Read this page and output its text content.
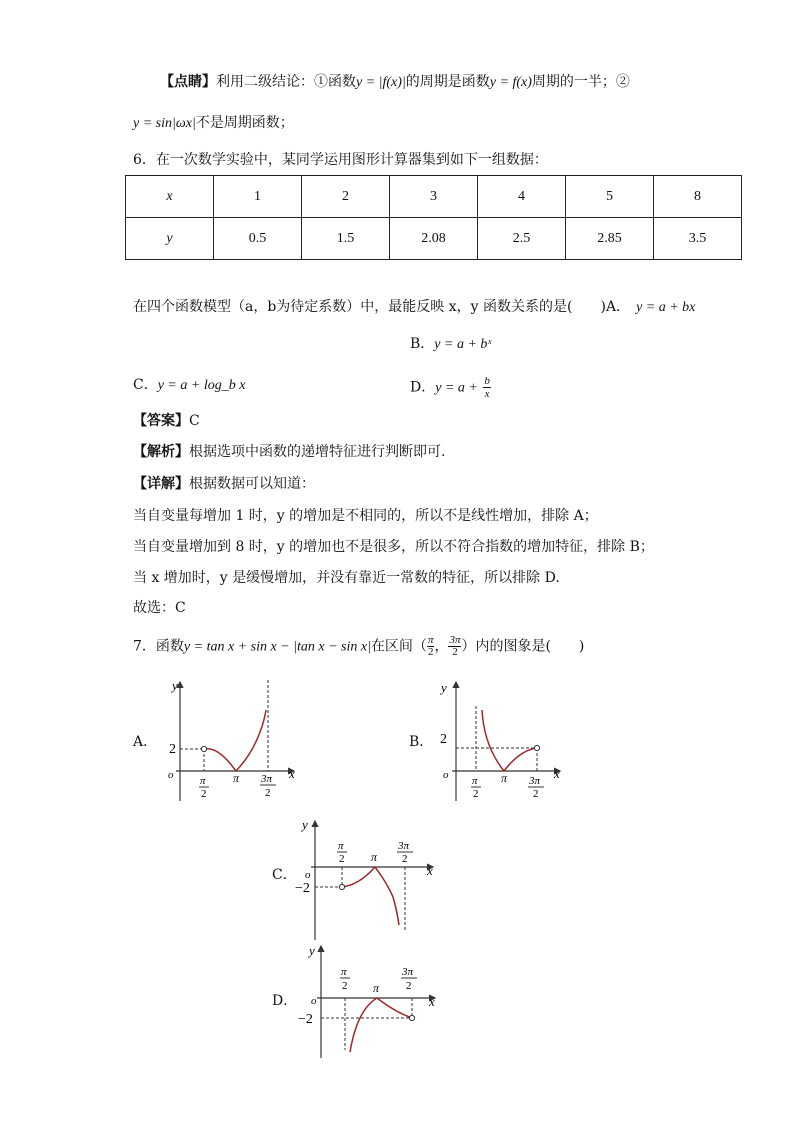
【点睛】利用二级结论：①函数y = |f(x)|的周期是函数y = f(x)周期的一半；②
y = sin|ωx|不是周期函数；
6．在一次数学实验中，某同学运用图形计算器集到如下一组数据：
x	1	2	3	4	5	8
y	0.5	1.5	2.08	2.5	2.85	3.5
在四个函数模型（a，b为待定系数）中，最能反映 x，y 函数关系的是(　　)A． y = a + bx
B．y = a + bˣ
C．y = a + log_b x	D．$y = a + \frac{b}{x}$
【答案】C
【解析】根据选项中函数的递增特征进行判断即可.
【详解】根据数据可以知道：
当自变量每增加 1 时，y 的增加是不相同的，所以不是线性增加，排除 A；
当自变量增加到 8 时，y 的增加也不是很多，所以不符合指数的增加特征，排除 B；
当 x 增加时，y 是缓慢增加，并没有靠近一常数的特征，所以排除 D.
故选：C
7．函数y = tan x + sin x − |tan x − sin x|在区间（ $\frac{\pi}{2}$ ， $\frac{3\pi}{2}$ ）内的图象是(　　)
A．	B．
C．
D．
y
x
o
2
π
2
π 3π
2
y
x
o
2
π
2
π 3π
2
y
x
o
−2
π
2 π
3π
2
y
x
o
−2
π
2 π
3π
2
